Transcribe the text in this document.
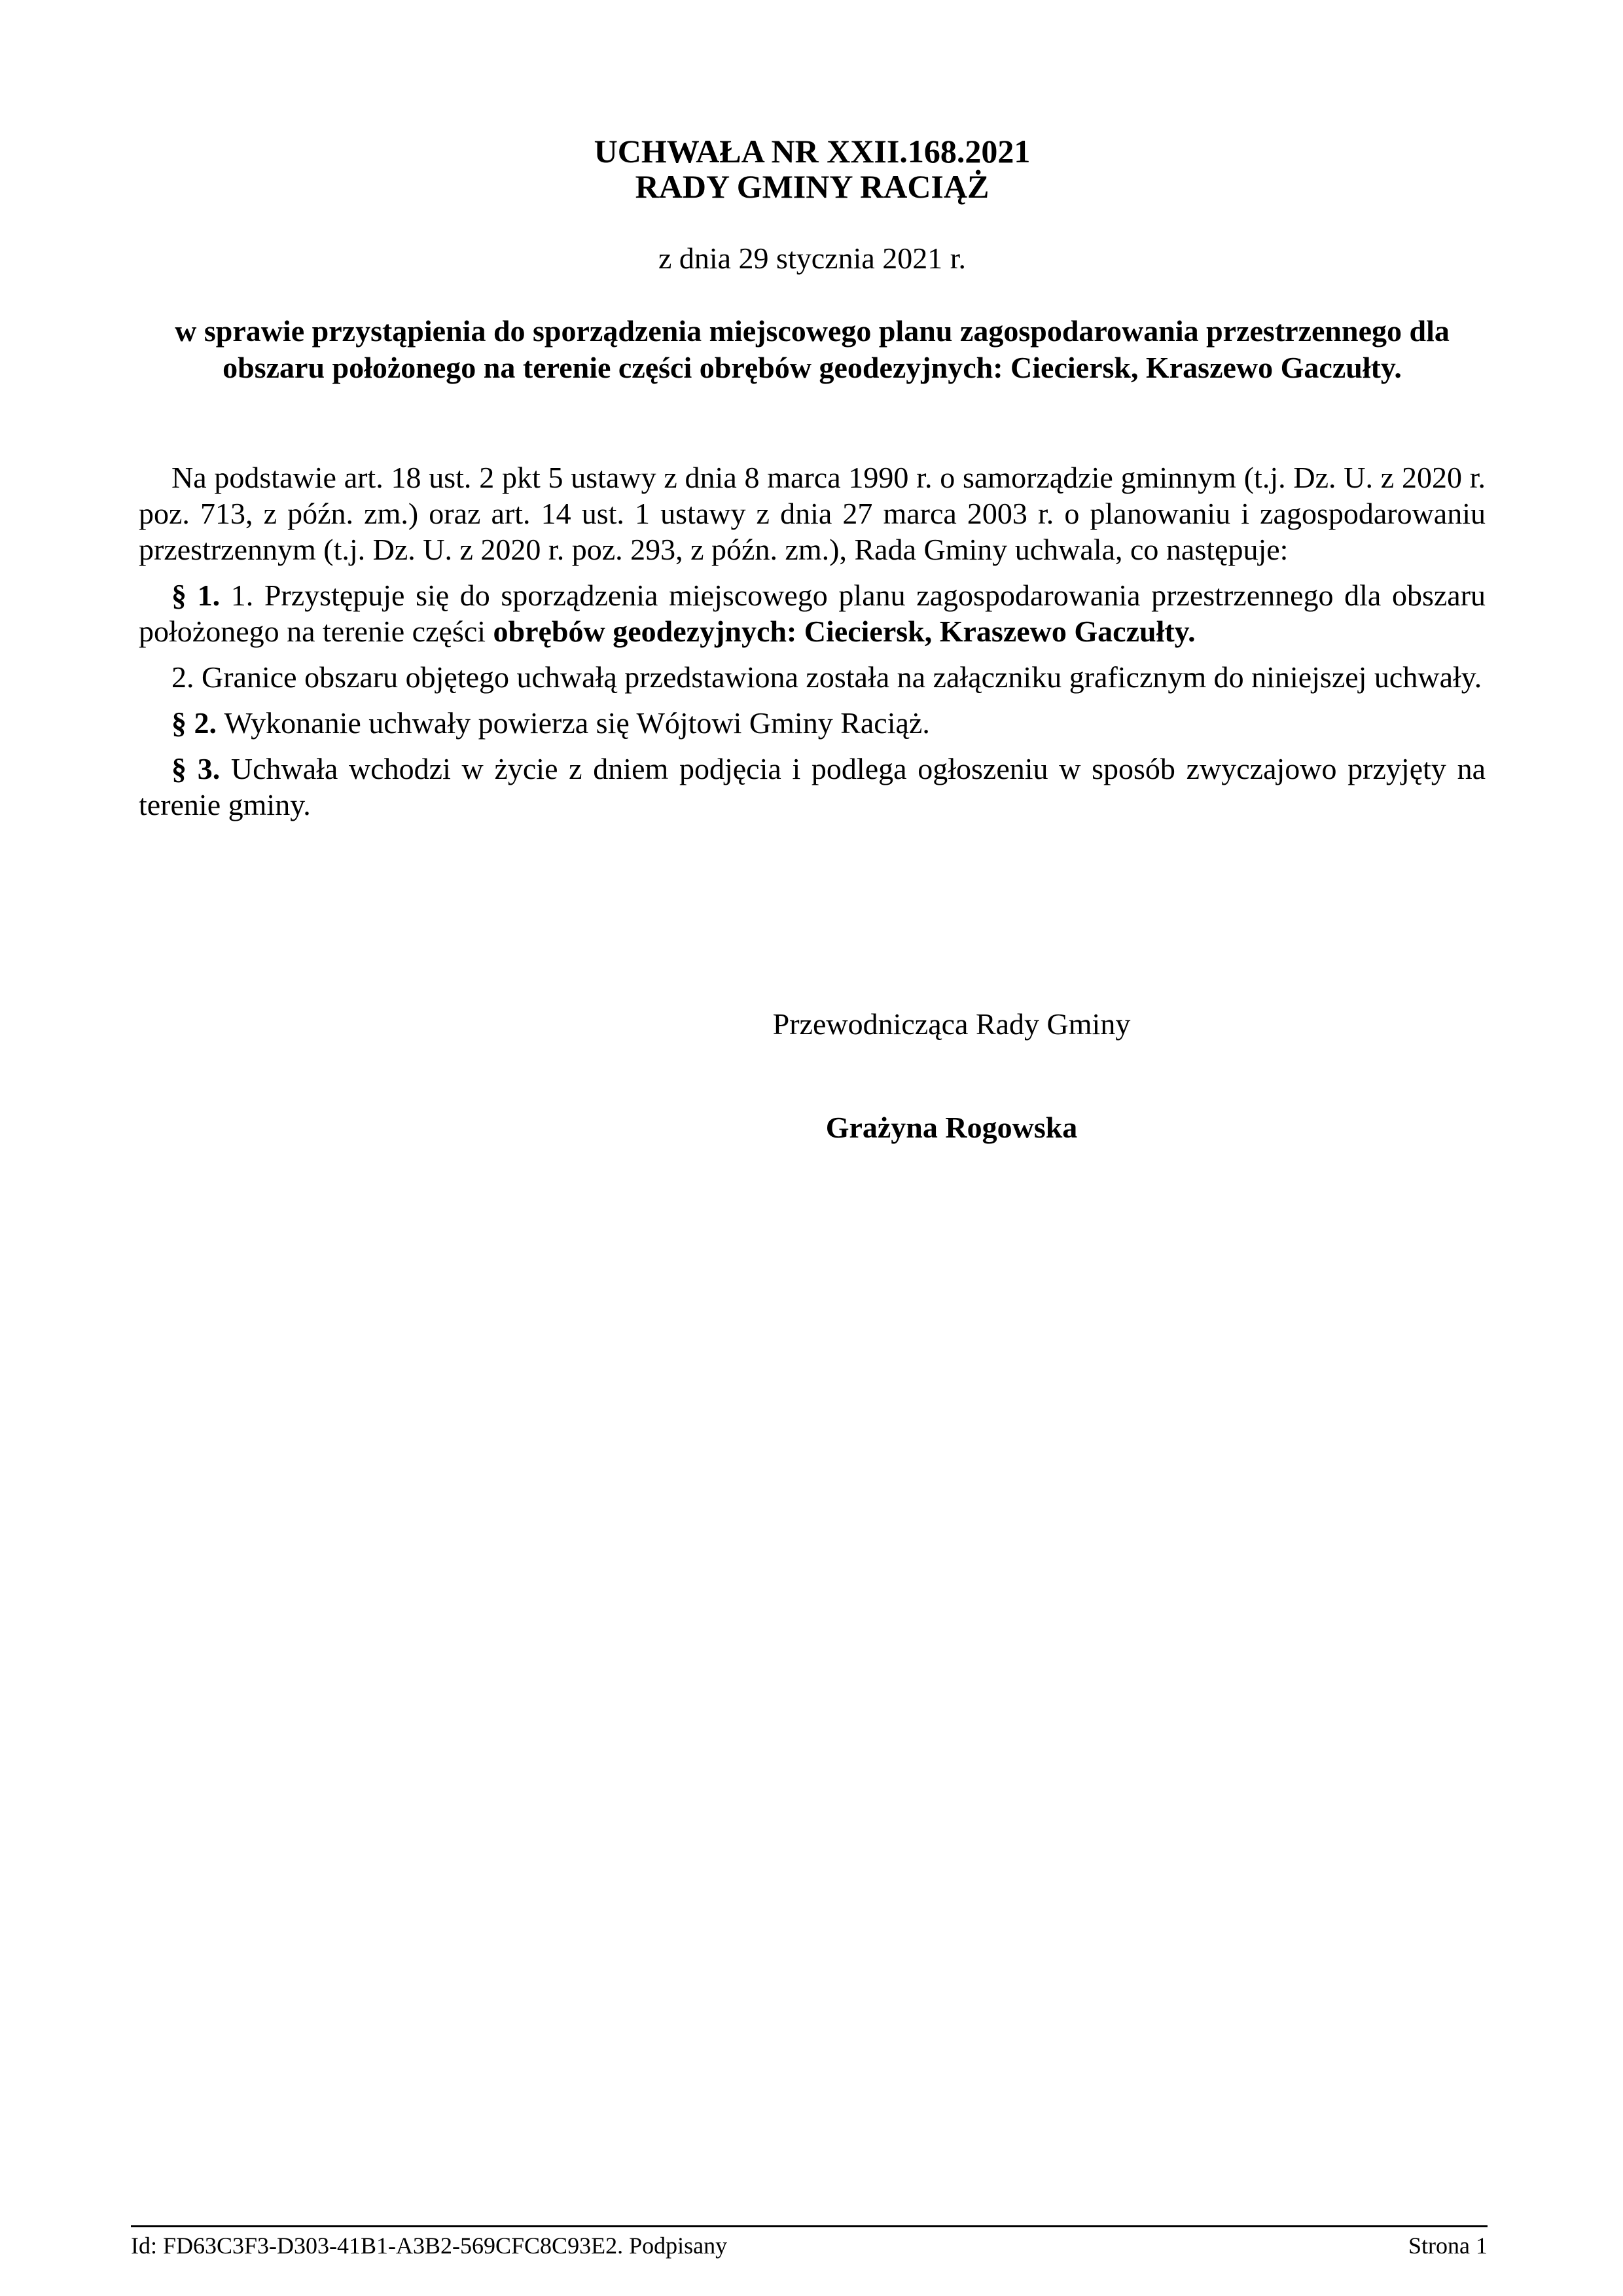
UCHWAŁA NR XXII.168.2021
RADY GMINY RACIĄŻ
z dnia 29 stycznia 2021 r.
w sprawie przystąpienia do sporządzenia miejscowego planu zagospodarowania przestrzennego dla obszaru położonego na terenie części obrębów geodezyjnych: Cieciersk, Kraszewo Gaczułty.

Na podstawie art. 18 ust. 2 pkt 5 ustawy z dnia 8 marca 1990 r. o samorządzie gminnym (t.j. Dz. U. z 2020 r. poz. 713, z późn. zm.) oraz art. 14 ust. 1 ustawy z dnia 27 marca 2003 r. o planowaniu i zagospodarowaniu przestrzennym (t.j. Dz. U. z 2020 r. poz. 293, z późn. zm.), Rada Gminy uchwala, co następuje:

§ 1. 1. Przystępuje się do sporządzenia miejscowego planu zagospodarowania przestrzennego dla obszaru położonego na terenie części obrębów geodezyjnych: Cieciersk, Kraszewo Gaczułty.

2. Granice obszaru objętego uchwałą przedstawiona została na załączniku graficznym do niniejszej uchwały.

§ 2. Wykonanie uchwały powierza się Wójtowi Gminy Raciąż.

§ 3. Uchwała wchodzi w życie z dniem podjęcia i podlega ogłoszeniu w sposób zwyczajowo przyjęty na terenie gminy.

Przewodnicząca Rady Gminy
Grażyna Rogowska
Id: FD63C3F3-D303-41B1-A3B2-569CFC8C93E2. Podpisany	Strona 1
